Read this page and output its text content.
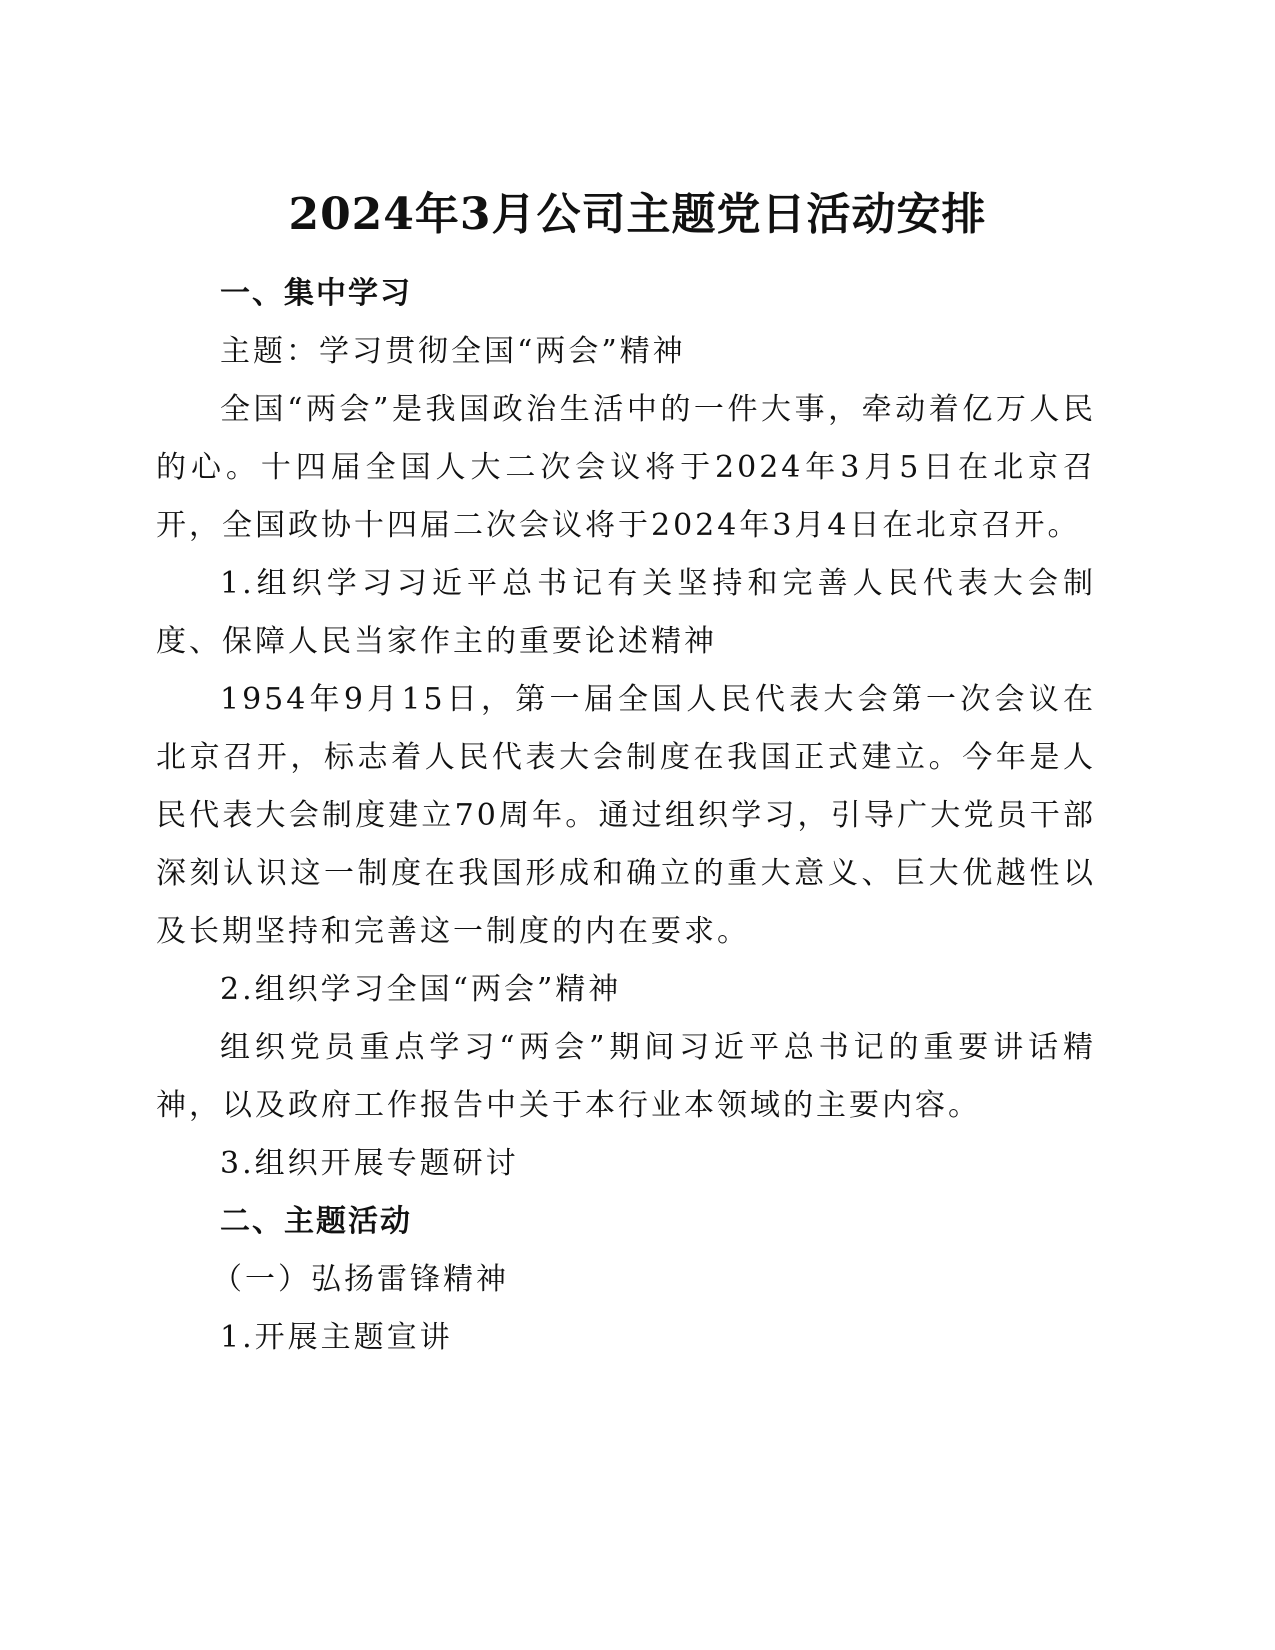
2024年3月公司主题党日活动安排

一、集中学习

主题：学习贯彻全国“两会”精神

全国“两会”是我国政治生活中的一件大事，牵动着亿万人民的心。十四届全国人大二次会议将于2024年3月5日在北京召开，全国政协十四届二次会议将于2024年3月4日在北京召开。

1.组织学习习近平总书记有关坚持和完善人民代表大会制度、保障人民当家作主的重要论述精神

1954年9月15日，第一届全国人民代表大会第一次会议在北京召开，标志着人民代表大会制度在我国正式建立。今年是人民代表大会制度建立70周年。通过组织学习，引导广大党员干部深刻认识这一制度在我国形成和确立的重大意义、巨大优越性以及长期坚持和完善这一制度的内在要求。

2.组织学习全国“两会”精神

组织党员重点学习“两会”期间习近平总书记的重要讲话精神，以及政府工作报告中关于本行业本领域的主要内容。

3.组织开展专题研讨

二、主题活动

（一）弘扬雷锋精神

1.开展主题宣讲
